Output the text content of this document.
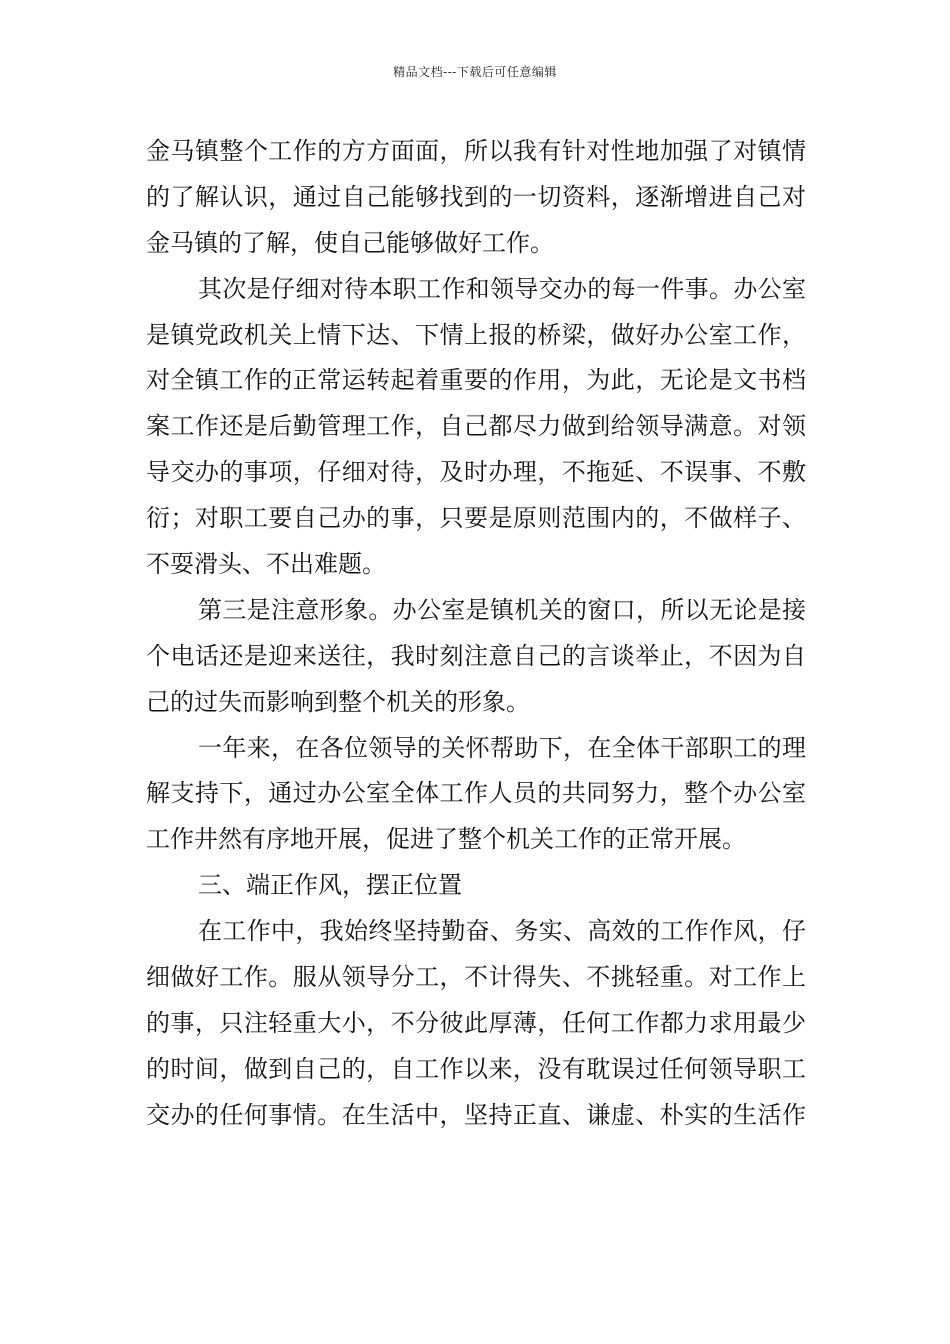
精品文档---下载后可任意编辑
金马镇整个工作的方方面面，所以我有针对性地加强了对镇情
的了解认识，通过自己能够找到的一切资料，逐渐增进自己对
金马镇的了解，使自己能够做好工作。
其次是仔细对待本职工作和领导交办的每一件事。办公室
是镇党政机关上情下达、下情上报的桥梁，做好办公室工作，
对全镇工作的正常运转起着重要的作用，为此，无论是文书档
案工作还是后勤管理工作，自己都尽力做到给领导满意。对领
导交办的事项，仔细对待，及时办理，不拖延、不误事、不敷
衍；对职工要自己办的事，只要是原则范围内的，不做样子、
不耍滑头、不出难题。
第三是注意形象。办公室是镇机关的窗口，所以无论是接
个电话还是迎来送往，我时刻注意自己的言谈举止，不因为自
己的过失而影响到整个机关的形象。
一年来，在各位领导的关怀帮助下，在全体干部职工的理
解支持下，通过办公室全体工作人员的共同努力，整个办公室
工作井然有序地开展，促进了整个机关工作的正常开展。
三、端正作风，摆正位置
在工作中，我始终坚持勤奋、务实、高效的工作作风，仔
细做好工作。服从领导分工，不计得失、不挑轻重。对工作上
的事，只注轻重大小，不分彼此厚薄，任何工作都力求用最少
的时间，做到自己的，自工作以来，没有耽误过任何领导职工
交办的任何事情。在生活中，坚持正直、谦虚、朴实的生活作
